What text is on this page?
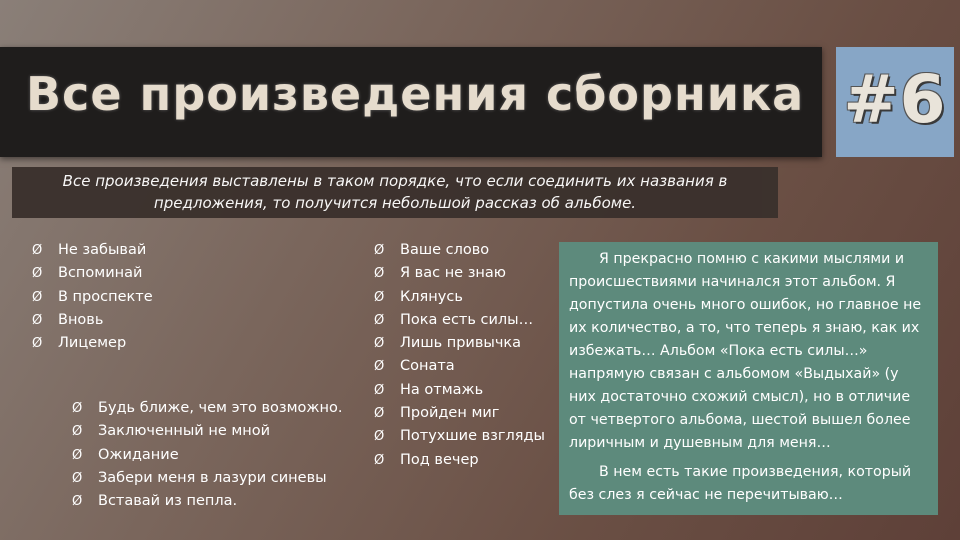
Все произведения сборника #6
Все произведения выставлены в таком порядке, что если соединить их названия в
предложения, то получится небольшой рассказ об альбоме.
Ø Не забывай
Ø Вспоминай
Ø В проспекте
Ø Вновь
Ø Лицемер
Ø Будь ближе, чем это возможно.
Ø Заключенный не мной
Ø Ожидание
Ø Забери меня в лазури синевы
Ø Вставай из пепла.
Ø Ваше слово
Ø Я вас не знаю
Ø Клянусь
Ø Пока есть силы…
Ø Лишь привычка
Ø Соната
Ø На отмажь
Ø Пройден миг
Ø Потухшие взгляды
Ø Под вечер

Я прекрасно помню с какими мыслями и происшествиями начинался этот альбом. Я допустила очень много ошибок, но главное не их количество, а то, что теперь я знаю, как их избежать… Альбом «Пока есть силы…» напрямую связан с альбомом «Выдыхай» (у них достаточно схожий смысл), но в отличие от четвертого альбома, шестой вышел более лиричным и душевным для меня…

В нем есть такие произведения, который без слез я сейчас не перечитываю…
